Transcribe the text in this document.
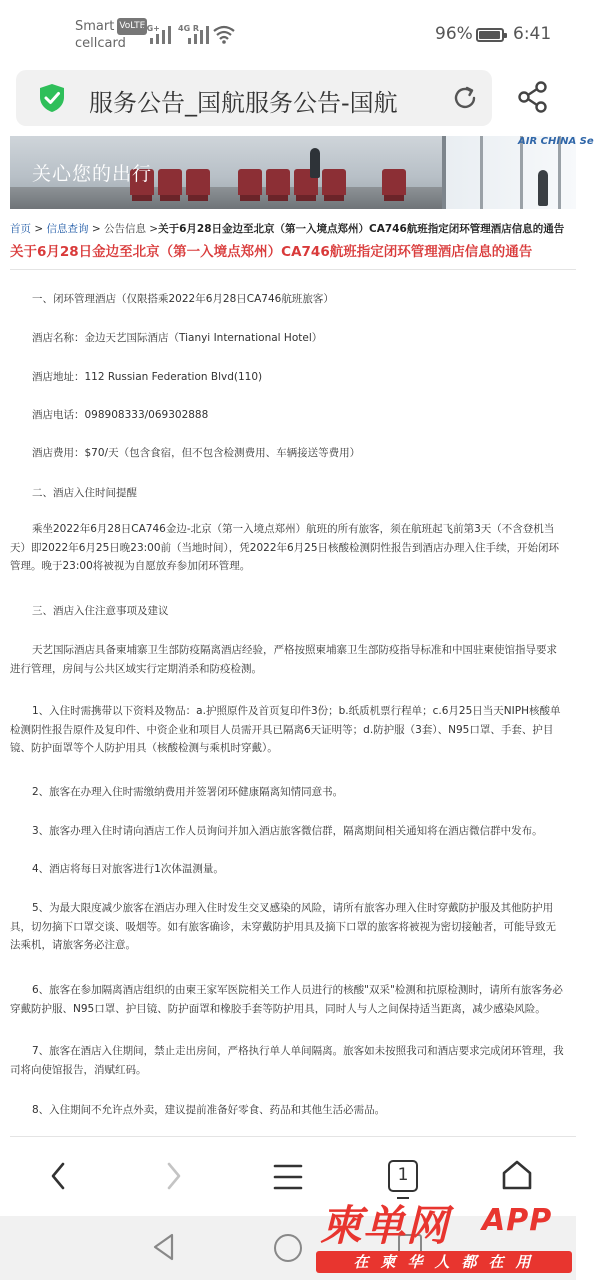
Smart VoLTE
cellcard
4G+ 4G R	96% 6:41
服务公告_国航服务公告-国航
关心您的出行
AIR CHINA Se
首页 > 信息查询 > 公告信息 >关于6月28日金边至北京（第一入境点郑州）CA746航班指定闭环管理酒店信息的通告
关于6月28日金边至北京（第一入境点郑州）CA746航班指定闭环管理酒店信息的通告
一、闭环管理酒店（仅限搭乘2022年6月28日CA746航班旅客）
酒店名称：金边天艺国际酒店（Tianyi International Hotel）
酒店地址：112 Russian Federation Blvd(110)
酒店电话：098908333/069302888
酒店费用：$70/天（包含食宿，但不包含检测费用、车辆接送等费用）
二、酒店入住时间提醒
乘坐2022年6月28日CA746金边-北京（第一入境点郑州）航班的所有旅客，须在航班起飞前第3天（不含登机当天）即2022年6月25日晚23:00前（当地时间），凭2022年6月25日核酸检测阴性报告到酒店办理入住手续，开始闭环管理。晚于23:00将被视为自愿放弃参加闭环管理。
三、酒店入住注意事项及建议
天艺国际酒店具备柬埔寨卫生部防疫隔离酒店经验，严格按照柬埔寨卫生部防疫指导标准和中国驻柬使馆指导要求进行管理，房间与公共区域实行定期消杀和防疫检测。
1、入住时需携带以下资料及物品：a.护照原件及首页复印件3份；b.纸质机票行程单；c.6月25日当天NIPH核酸单检测阴性报告原件及复印件、中资企业和项目人员需开具已隔离6天证明等；d.防护服（3套）、N95口罩、手套、护目镜、防护面罩等个人防护用具（核酸检测与乘机时穿戴）。
2、旅客在办理入住时需缴纳费用并签署闭环健康隔离知情同意书。
3、旅客办理入住时请向酒店工作人员询问并加入酒店旅客微信群，隔离期间相关通知将在酒店微信群中发布。
4、酒店将每日对旅客进行1次体温测量。
5、为最大限度减少旅客在酒店办理入住时发生交叉感染的风险，请所有旅客办理入住时穿戴防护服及其他防护用具，切勿摘下口罩交谈、吸烟等。如有旅客确诊，未穿戴防护用具及摘下口罩的旅客将被视为密切接触者，可能导致无法乘机，请旅客务必注意。
6、旅客在参加隔离酒店组织的由柬王家军医院相关工作人员进行的核酸"双采"检测和抗原检测时，请所有旅客务必穿戴防护服、N95口罩、护目镜、防护面罩和橡胶手套等防护用具，同时人与人之间保持适当距离，减少感染风险。
7、旅客在酒店入住期间，禁止走出房间，严格执行单人单间隔离。旅客如未按照我司和酒店要求完成闭环管理，我司将向使馆报告，消赋红码。
8、入住期间不允许点外卖，建议提前准备好零食、药品和其他生活必需品。
1
柬单网 APP
在柬华人都在用
